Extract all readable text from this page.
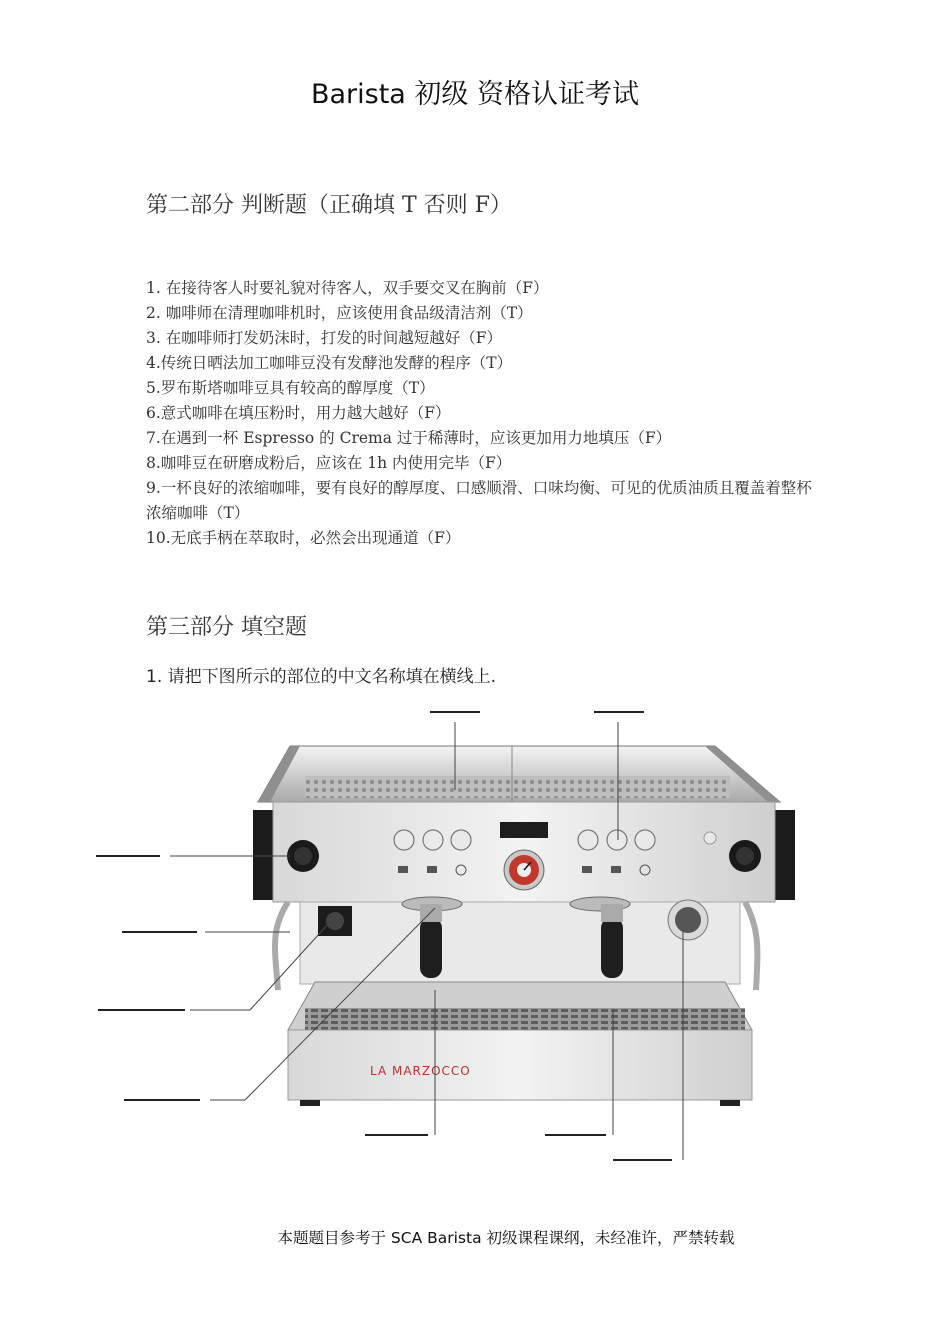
Barista 初级 资格认证考试
第二部分 判断题（正确填 T 否则 F）
1. 在接待客人时要礼貌对待客人，双手要交叉在胸前（F）
2. 咖啡师在清理咖啡机时，应该使用食品级清洁剂（T）
3. 在咖啡师打发奶沫时，打发的时间越短越好（F）
4.传统日晒法加工咖啡豆没有发酵池发酵的程序（T）
5.罗布斯塔咖啡豆具有较高的醇厚度（T）
6.意式咖啡在填压粉时，用力越大越好（F）
7.在遇到一杯 Espresso 的 Crema 过于稀薄时，应该更加用力地填压（F）
8.咖啡豆在研磨成粉后，应该在 1h 内使用完毕（F）
9.一杯良好的浓缩咖啡，要有良好的醇厚度、口感顺滑、口味均衡、可见的优质油质且覆盖着整杯浓缩咖啡（T）
10.无底手柄在萃取时，必然会出现通道（F）
第三部分 填空题
1. 请把下图所示的部位的中文名称填在横线上.
LA MARZOCCO
本题题目参考于 SCA Barista 初级课程课纲，未经准许，严禁转载
